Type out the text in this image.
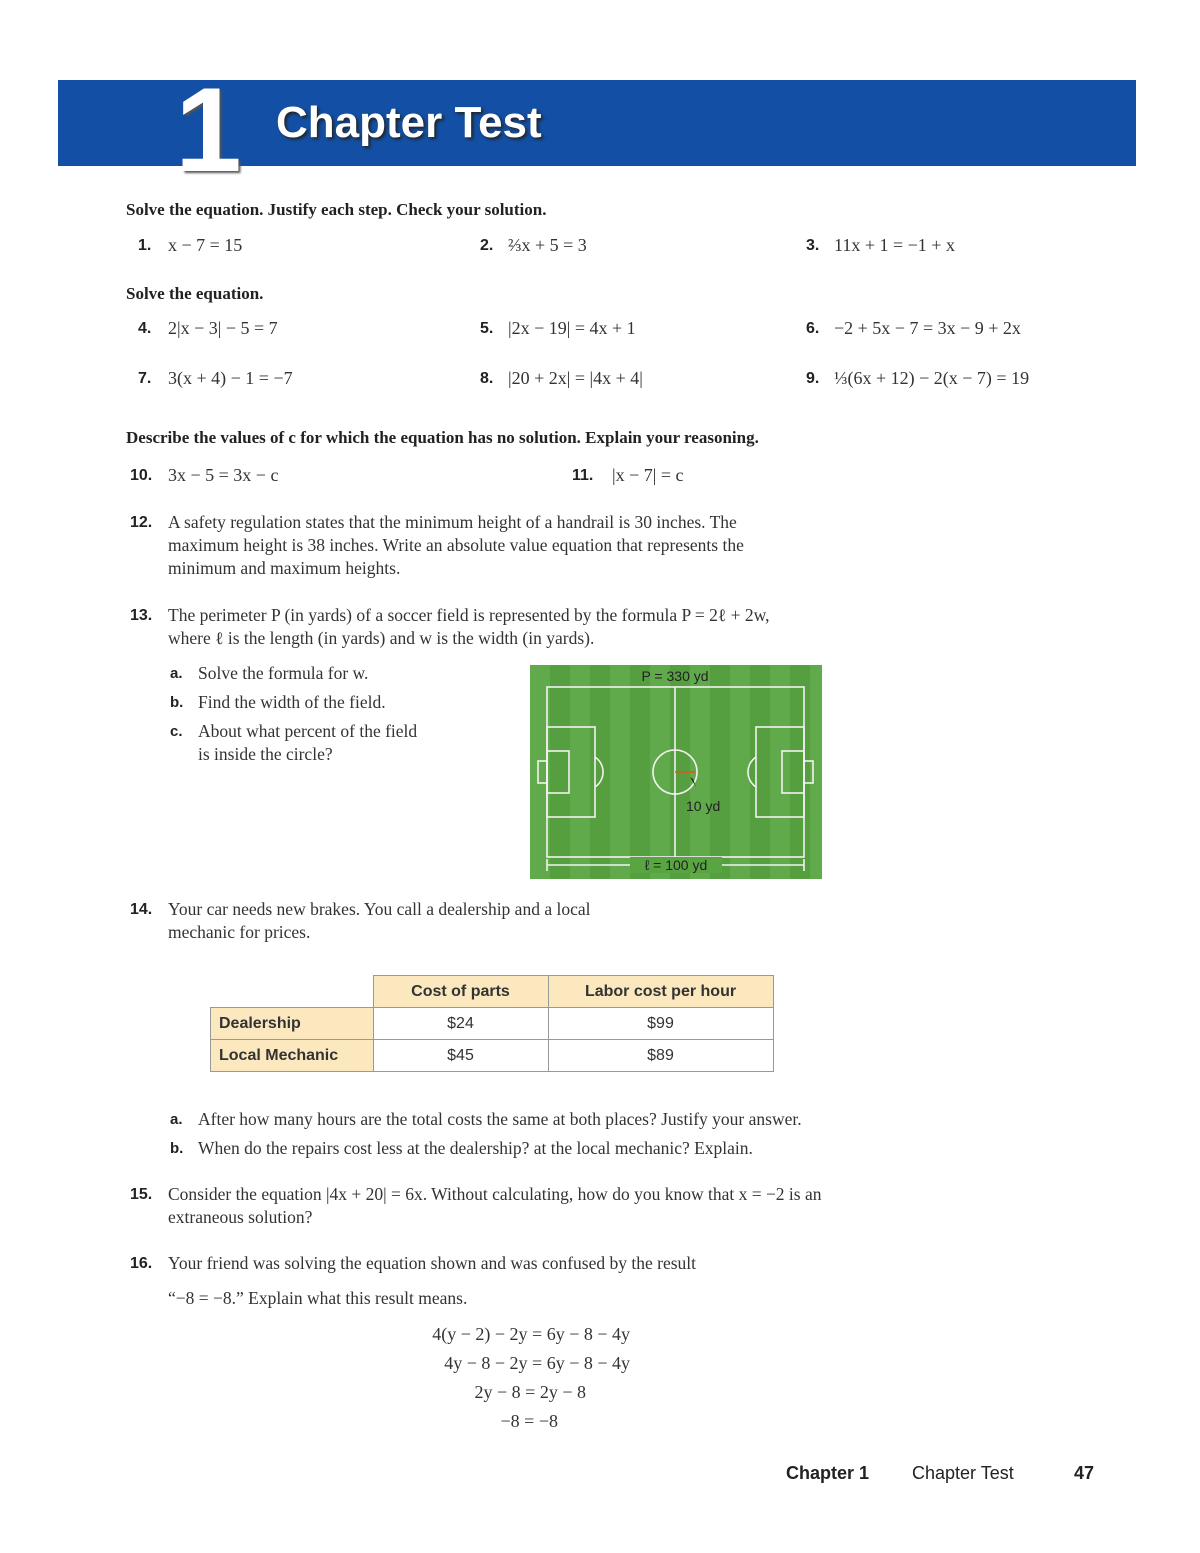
1 Chapter Test
Solve the equation. Justify each step. Check your solution.
1. x − 7 = 15	2. ⅔x + 5 = 3	3. 11x + 1 = −1 + x
Solve the equation.
4. 2|x − 3| − 5 = 7	5. |2x − 19| = 4x + 1	6. −2 + 5x − 7 = 3x − 9 + 2x
7. 3(x + 4) − 1 = −7	8. |20 + 2x| = |4x + 4|	9. ⅓(6x + 12) − 2(x − 7) = 19
Describe the values of c for which the equation has no solution. Explain your reasoning.
10. 3x − 5 = 3x − c	11. |x − 7| = c
12. A safety regulation states that the minimum height of a handrail is 30 inches. The
maximum height is 38 inches. Write an absolute value equation that represents the
minimum and maximum heights.
13. The perimeter P (in yards) of a soccer field is represented by the formula P = 2ℓ + 2w,
where ℓ is the length (in yards) and w is the width (in yards).
a. Solve the formula for w.
b. Find the width of the field.
c. About what percent of the field
is inside the circle?
P = 330 yd
10 yd
ℓ = 100 yd
14. Your car needs new brakes. You call a dealership and a local
mechanic for prices.
	Cost of parts	Labor cost per hour
Dealership	$24	$99
Local Mechanic	$45	$89
a. After how many hours are the total costs the same at both places? Justify your answer.
b. When do the repairs cost less at the dealership? at the local mechanic? Explain.
15. Consider the equation |4x + 20| = 6x. Without calculating, how do you know that x = −2 is an
extraneous solution?
16. Your friend was solving the equation shown and was confused by the result
“−8 = −8.” Explain what this result means.
4(y − 2) − 2y = 6y − 8 − 4y
4y − 8 − 2y = 6y − 8 − 4y
2y − 8 = 2y − 8
−8 = −8
Chapter 1 Chapter Test	47
